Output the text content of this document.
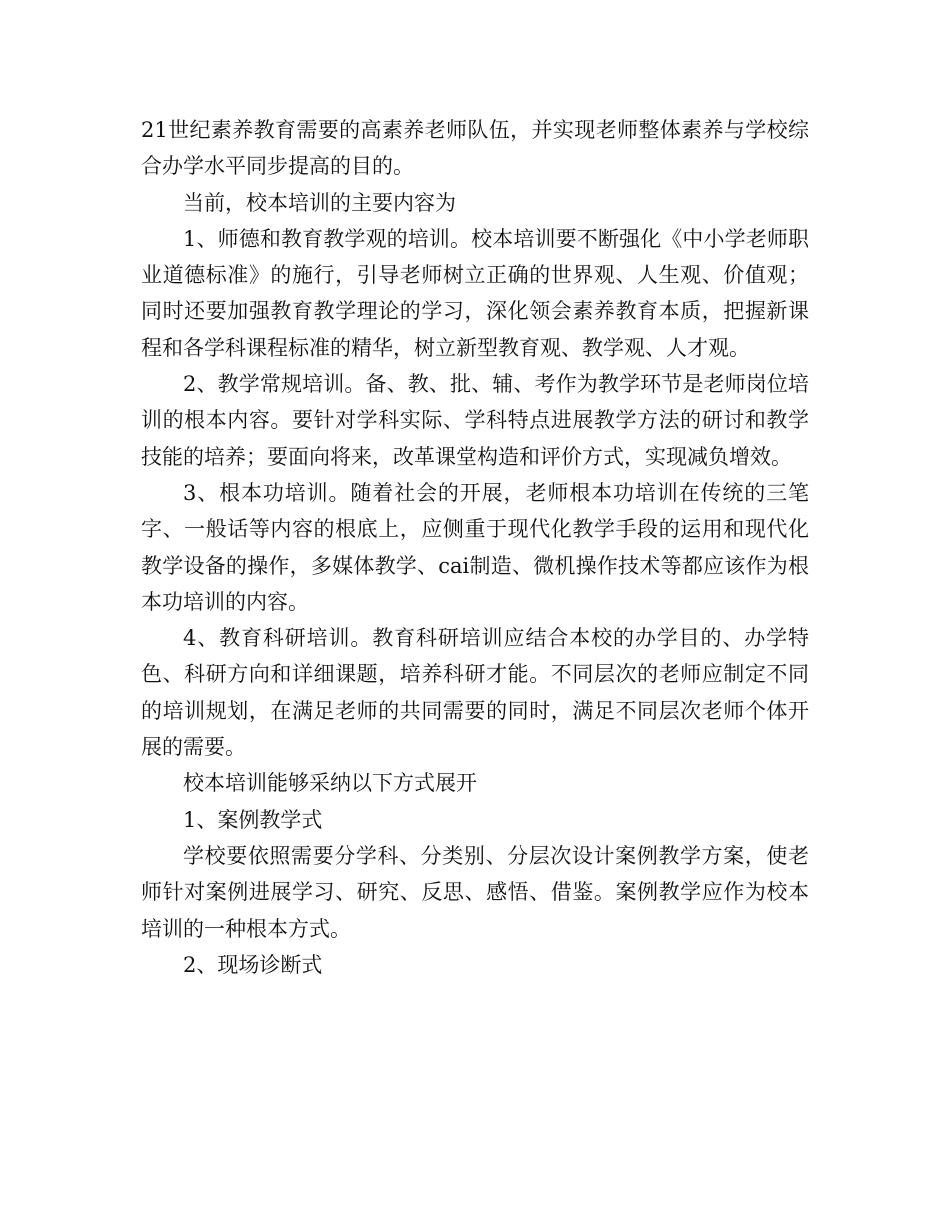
21世纪素养教育需要的高素养老师队伍，并实现老师整体素养与学校综合办学水平同步提高的目的。

当前，校本培训的主要内容为

1、师德和教育教学观的培训。校本培训要不断强化《中小学老师职业道德标准》的施行，引导老师树立正确的世界观、人生观、价值观；同时还要加强教育教学理论的学习，深化领会素养教育本质，把握新课程和各学科课程标准的精华，树立新型教育观、教学观、人才观。

2、教学常规培训。备、教、批、辅、考作为教学环节是老师岗位培训的根本内容。要针对学科实际、学科特点进展教学方法的研讨和教学技能的培养；要面向将来，改革课堂构造和评价方式，实现减负增效。

3、根本功培训。随着社会的开展，老师根本功培训在传统的三笔字、一般话等内容的根底上，应侧重于现代化教学手段的运用和现代化教学设备的操作，多媒体教学、cai制造、微机操作技术等都应该作为根本功培训的内容。

4、教育科研培训。教育科研培训应结合本校的办学目的、办学特色、科研方向和详细课题，培养科研才能。不同层次的老师应制定不同的培训规划，在满足老师的共同需要的同时，满足不同层次老师个体开展的需要。

校本培训能够采纳以下方式展开

1、案例教学式

学校要依照需要分学科、分类别、分层次设计案例教学方案，使老师针对案例进展学习、研究、反思、感悟、借鉴。案例教学应作为校本培训的一种根本方式。

2、现场诊断式
